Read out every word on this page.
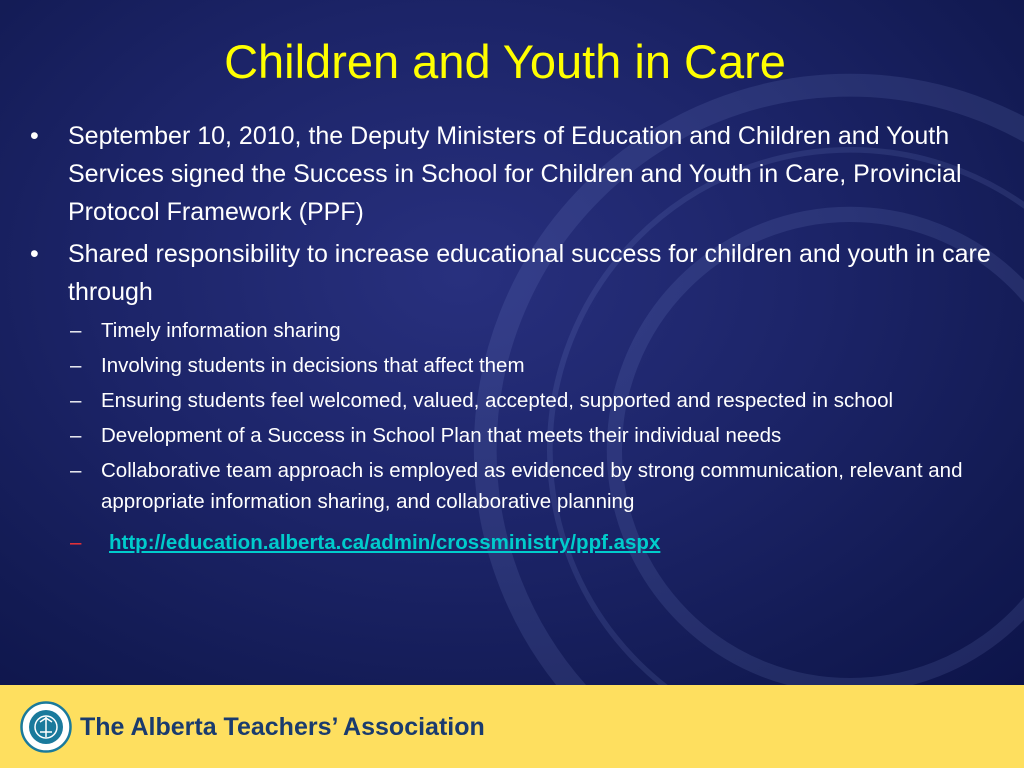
Children and Youth in Care
• September 10, 2010, the Deputy Ministers of Education and Children and Youth Services signed the Success in School for Children and Youth in Care, Provincial Protocol Framework (PPF)
• Shared responsibility to increase educational success for children and youth in care through
– Timely information sharing
– Involving students in decisions that affect them
– Ensuring students feel welcomed, valued, accepted, supported and respected in school
– Development of a Success in School Plan that meets their individual needs
– Collaborative team approach is employed as evidenced by strong communication, relevant and appropriate information sharing, and collaborative planning
– http://education.alberta.ca/admin/crossministry/ppf.aspx
The Alberta Teachers’ Association
